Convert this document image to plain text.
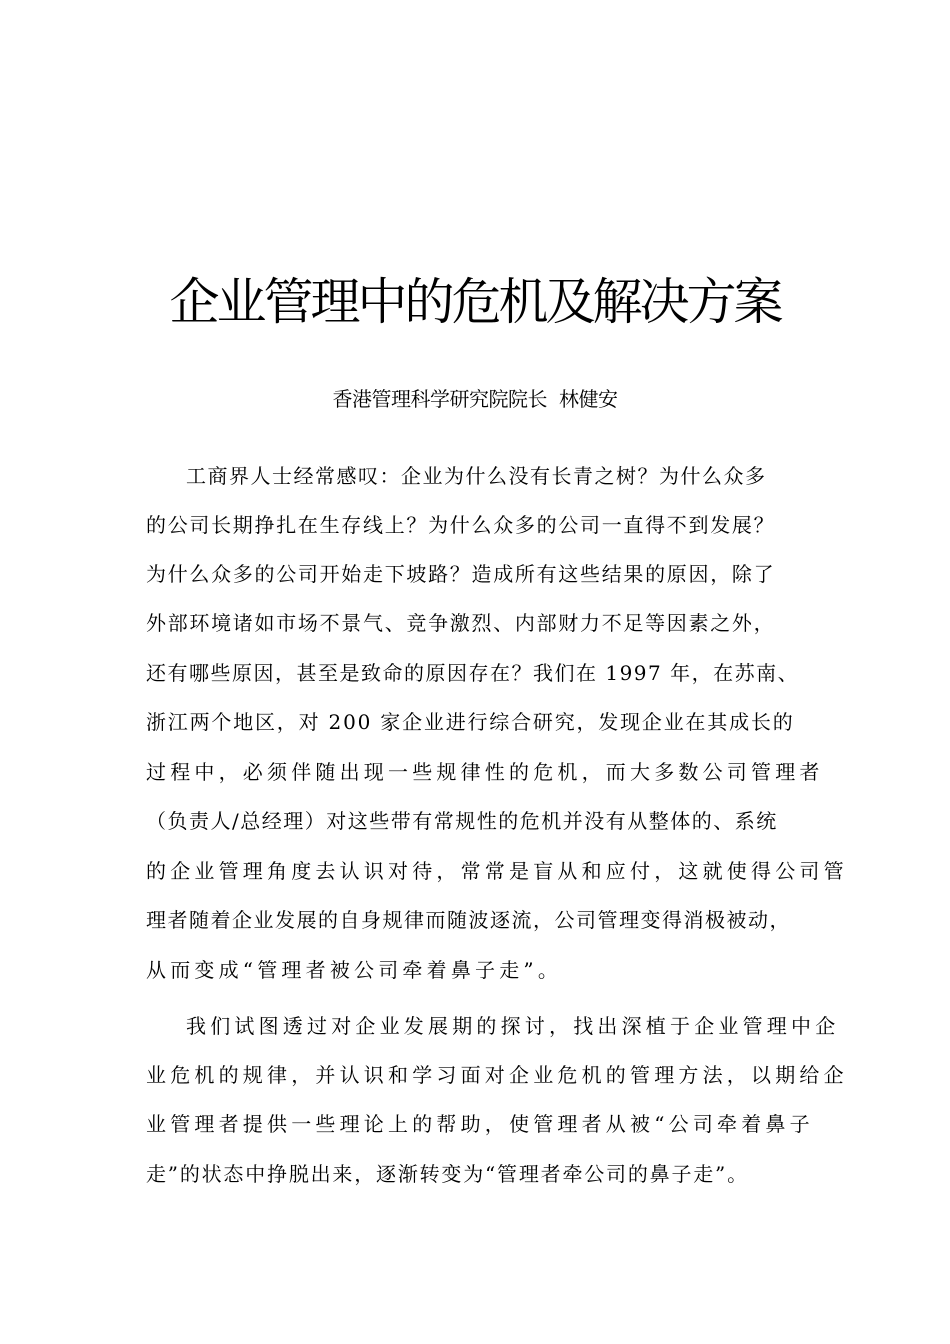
企业管理中的危机及解决方案
香港管理科学研究院院长 林健安
工商界人士经常感叹：企业为什么没有长青之树？为什么众多
的公司长期挣扎在生存线上？为什么众多的公司一直得不到发展？
为什么众多的公司开始走下坡路？造成所有这些结果的原因，除了
外部环境诸如市场不景气、竞争激烈、内部财力不足等因素之外，
还有哪些原因，甚至是致命的原因存在？我们在 1997 年，在苏南、
浙江两个地区，对 200 家企业进行综合研究，发现企业在其成长的
过程中，必须伴随出现一些规律性的危机，而大多数公司管理者
（负责人/总经理）对这些带有常规性的危机并没有从整体的、系统
的企业管理角度去认识对待，常常是盲从和应付，这就使得公司管
理者随着企业发展的自身规律而随波逐流，公司管理变得消极被动，
从而变成“管理者被公司牵着鼻子走”。
我们试图透过对企业发展期的探讨，找出深植于企业管理中企
业危机的规律，并认识和学习面对企业危机的管理方法，以期给企
业管理者提供一些理论上的帮助，使管理者从被“公司牵着鼻子
走”的状态中挣脱出来，逐渐转变为“管理者牵公司的鼻子走”。
